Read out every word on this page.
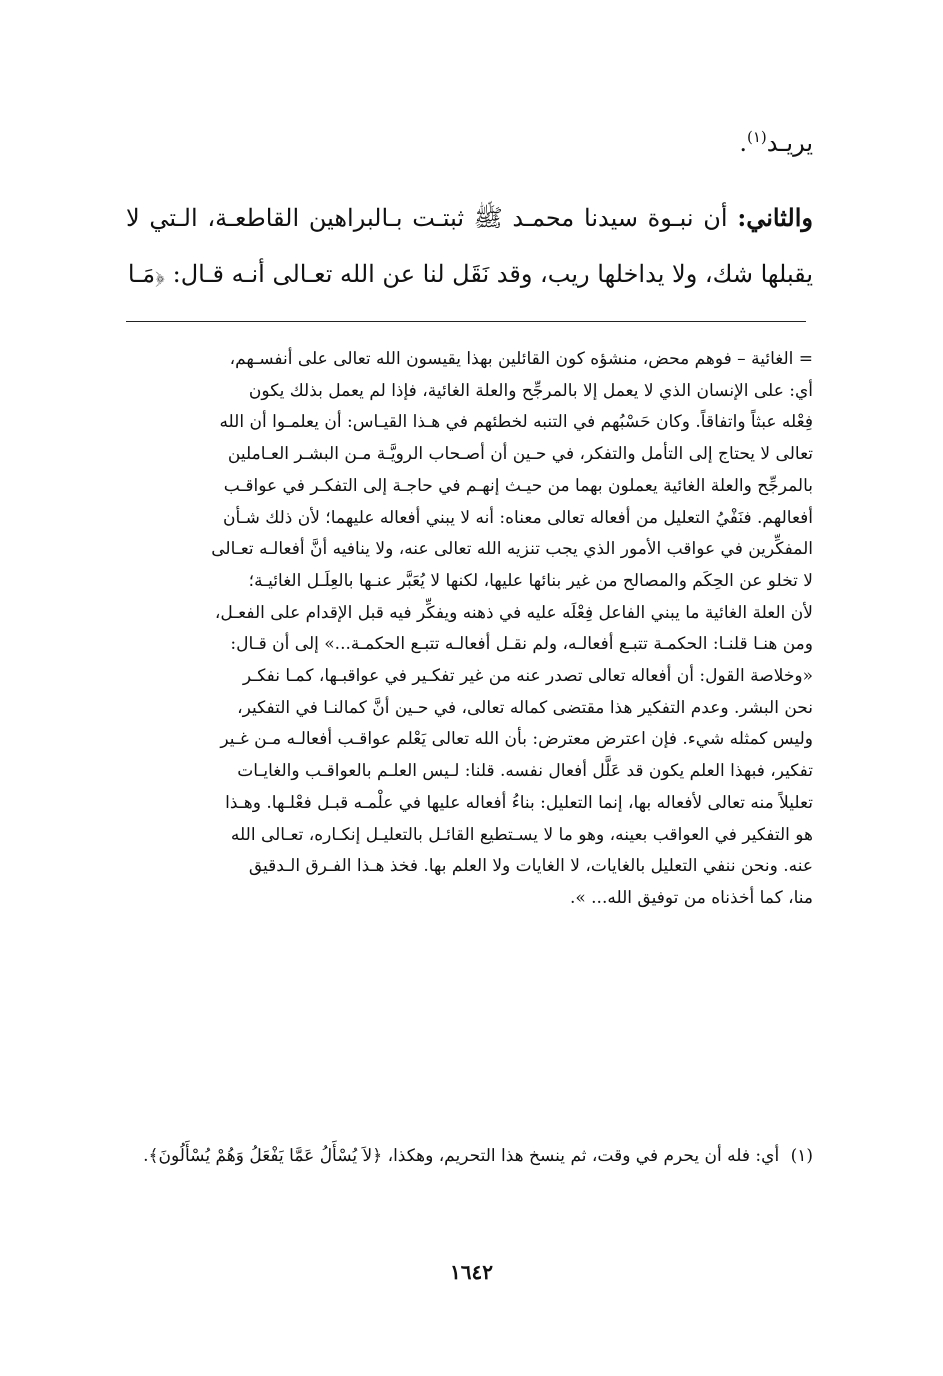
يريـد$^{(١)}$.
والثاني: أن نبـوة سيدنا محمـد ﷺ ثبتـت بـالبراهين القاطعـة، الـتي لا يقبلها شك، ولا يداخلها ريب، وقد نَقَل لنا عن الله تعـالى أنـه قـال: ﴿مَـا
= الغائية – فوهم محض، منشؤه كون القائلين بهذا يقيسون الله تعالى على أنفسـهم،
أي: على الإنسان الذي لا يعمل إلا بالمرجِّح والعلة الغائية، فإذا لم يعمل بذلك يكون
فِعْله عبثاً واتفاقاً. وكان حَسْبُهم في التنبه لخطئهم في هـذا القيـاس: أن يعلمـوا أن الله
تعالى لا يحتاج إلى التأمل والتفكر، في حـين أن أصـحاب الرويَّـة مـن البشـر العـاملين
بالمرجِّح والعلة الغائية يعملون بهما من حيـث إنهـم في حاجـة إلى التفكـر في عواقـب
أفعالهم. فنَفْيُ التعليل من أفعاله تعالى معناه: أنه لا يبني أفعاله عليهما؛ لأن ذلك شـأن
المفكِّرين في عواقب الأمور الذي يجب تنزيه الله تعالى عنه، ولا ينافيه أنَّ أفعالـه تعـالى
لا تخلو عن الحِكَم والمصالح من غير بنائها عليها، لكنها لا يُعَبَّر عنـها بالعِلَـل الغائيـة؛
لأن العلة الغائية ما يبني الفاعل فِعْلَه عليه في ذهنه ويفكِّر فيه قبل الإقدام على الفعـل،
ومن هنـا قلنـا: الحكمـة تتبـع أفعالـه، ولم نقـل أفعالـه تتبـع الحكمـة...» إلى أن قـال:
«وخلاصة القول: أن أفعاله تعالى تصدر عنه من غير تفكـير في عواقبـها، كمـا نفكـر
نحن البشر. وعدم التفكير هذا مقتضى كماله تعالى، في حـين أنَّ كمالنـا في التفكير،
وليس كمثله شيء. فإن اعترض معترض: بأن الله تعالى يَعْلم عواقـب أفعالـه مـن غـير
تفكير، فبهذا العلم يكون قد عَلَّل أفعال نفسه. قلنا: لـيس العلـم بالعواقـب والغايـات
تعليلاً منه تعالى لأفعاله بها، إنما التعليل: بناءُ أفعاله عليها في علْمـه قبـل فعْلـها. وهـذا
هو التفكير في العواقب بعينه، وهو ما لا يسـتطيع القائـل بالتعليـل إنكـاره، تعـالى الله
عنه. ونحن ننفي التعليل بالغايات، لا الغايات ولا العلم بها. فخذ هـذا الفـرق الـدقيق
منا، كما أخذناه من توفيق الله... ».
(١) أي: فله أن يحرم في وقت، ثم ينسخ هذا التحريم، وهكذا، ﴿لاَ يُسْأَلُ عَمَّا يَفْعَلُ وَهُمْ يُسْأَلُونَ﴾.
١٦٤٢
